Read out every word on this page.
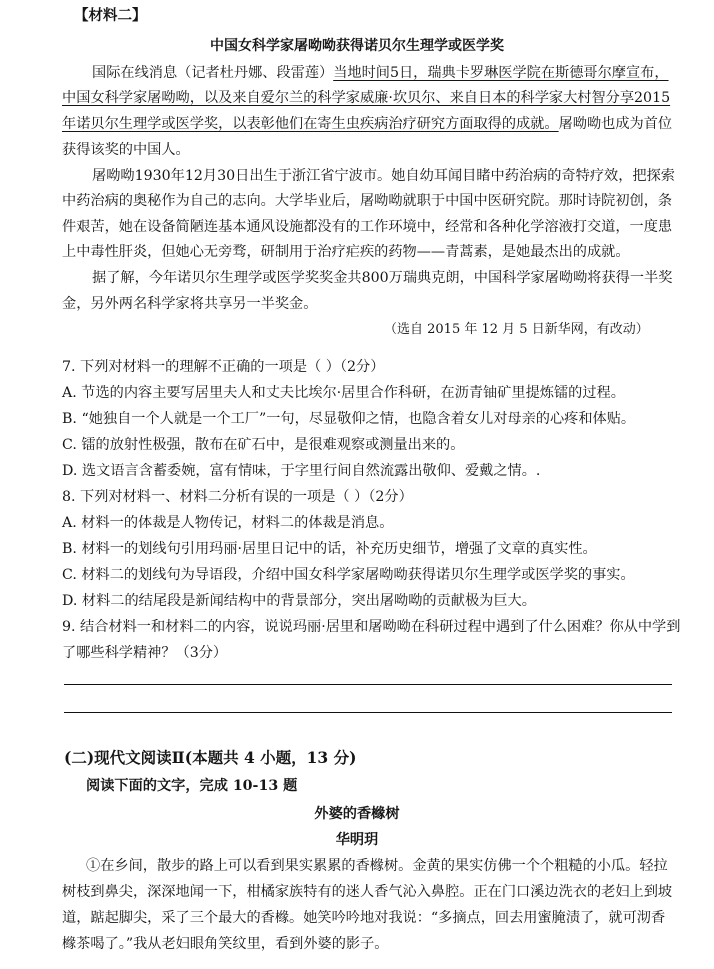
【材料二】
中国女科学家屠呦呦获得诺贝尔生理学或医学奖
国际在线消息（记者杜丹娜、段雷莲）当地时间5日，瑞典卡罗琳医学院在斯德哥尔摩宣布，
中国女科学家屠呦呦，以及来自爱尔兰的科学家威廉·坎贝尔、来自日本的科学家大村智分享2015
年诺贝尔生理学或医学奖，以表彰他们在寄生虫疾病治疗研究方面取得的成就。屠呦呦也成为首位
获得该奖的中国人。
屠呦呦1930年12月30日出生于浙江省宁波市。她自幼耳闻目睹中药治病的奇特疗效，把探索
中药治病的奥秘作为自己的志向。大学毕业后，屠呦呦就职于中国中医研究院。那时诗院初创，条
件艰苦，她在设备简陋连基本通风设施都没有的工作环境中，经常和各种化学溶液打交道，一度患
上中毒性肝炎，但她心无旁骛，研制用于治疗疟疾的药物——青蒿素，是她最杰出的成就。
据了解，今年诺贝尔生理学或医学奖奖金共800万瑞典克朗，中国科学家屠呦呦将获得一半奖
金，另外两名科学家将共享另一半奖金。
（选自 2015 年 12 月 5 日新华网，有改动）
7. 下列对材料一的理解不正确的一项是（ ）（2分）
A. 节选的内容主要写居里夫人和丈夫比埃尔·居里合作科研，在沥青铀矿里提炼镭的过程。
B. “她独自一个人就是一个工厂”一句，尽显敬仰之情，也隐含着女儿对母亲的心疼和体贴。
C. 镭的放射性极强，散布在矿石中，是很难观察或测量出来的。
D. 选文语言含蓄委婉，富有情味，于字里行间自然流露出敬仰、爱戴之情。.
8. 下列对材料一、材料二分析有误的一项是（ ）（2分）
A. 材料一的体裁是人物传记，材料二的体裁是消息。
B. 材料一的划线句引用玛丽·居里日记中的话，补充历史细节，增强了文章的真实性。
C. 材料二的划线句为导语段，介绍中国女科学家屠呦呦获得诺贝尔生理学或医学奖的事实。
D. 材料二的结尾段是新闻结构中的背景部分，突出屠呦呦的贡献极为巨大。
9. 结合材料一和材料二的内容，说说玛丽·居里和屠呦呦在科研过程中遇到了什么困难？你从中学到
了哪些科学精神？（3分）
(二)现代文阅读Ⅱ(本题共 4 小题，13 分)
阅读下面的文字，完成 10-13 题
外婆的香橼树
华明玥
①在乡间，散步的路上可以看到果实累累的香橼树。金黄的果实仿佛一个个粗糙的小瓜。轻拉
树枝到鼻尖，深深地闻一下，柑橘家族特有的迷人香气沁入鼻腔。正在门口溪边洗衣的老妇上到坡
道，踮起脚尖，采了三个最大的香橼。她笑吟吟地对我说：“多摘点，回去用蜜腌渍了，就可沏香
橼茶喝了。”我从老妇眼角笑纹里，看到外婆的影子。
